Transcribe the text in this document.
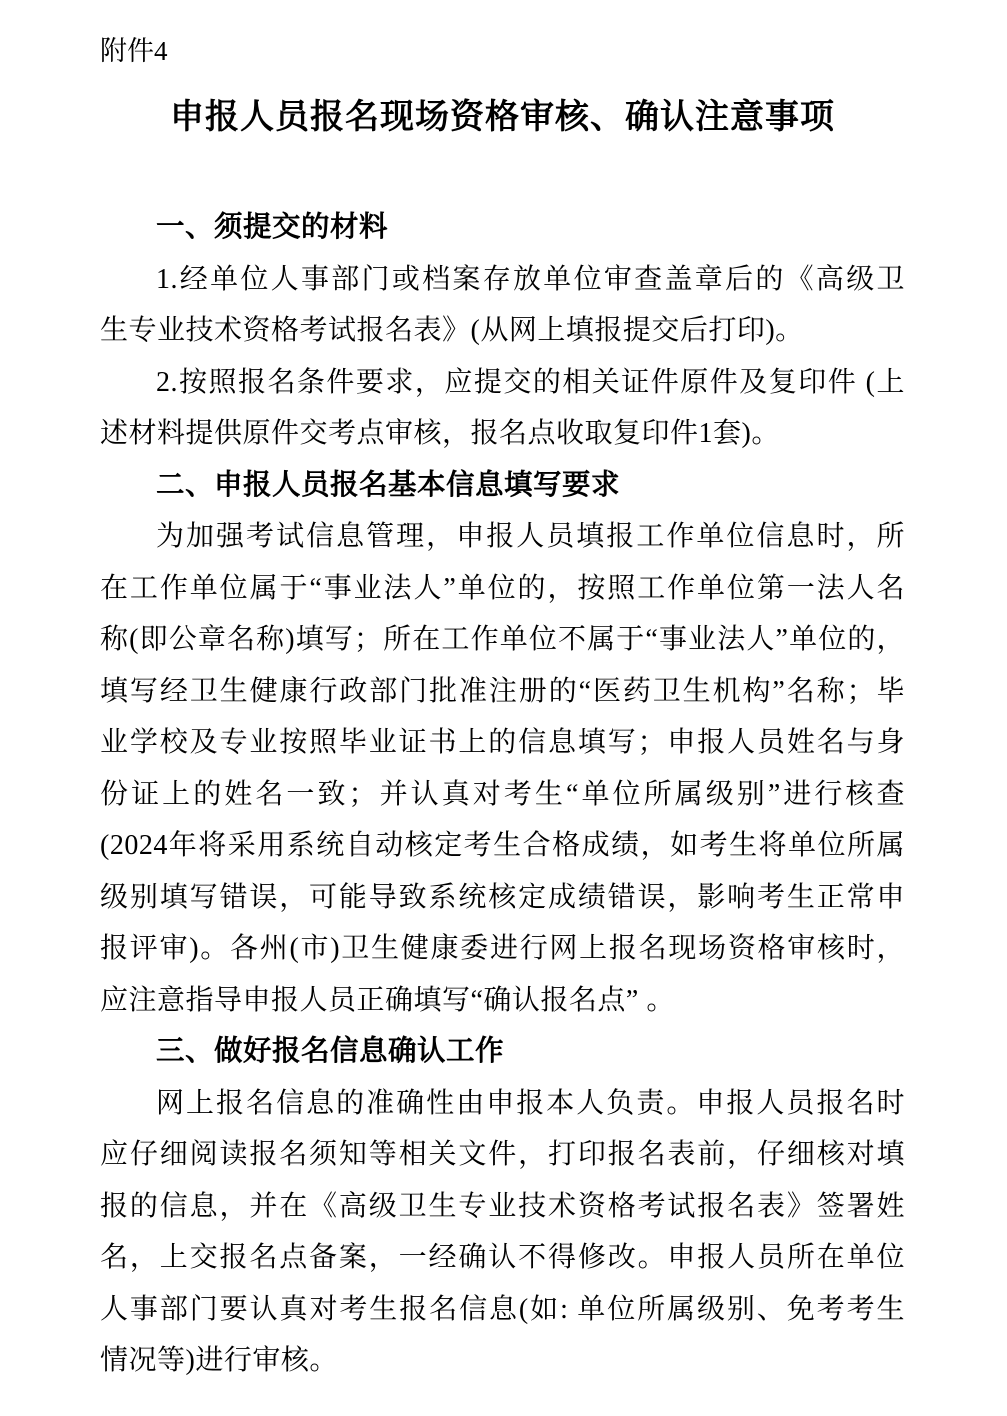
附件4
申报人员报名现场资格审核、确认注意事项
一、须提交的材料
1.经单位人事部门或档案存放单位审查盖章后的《高级卫
生专业技术资格考试报名表》(从网上填报提交后打印)。
2.按照报名条件要求，应提交的相关证件原件及复印件 (上
述材料提供原件交考点审核，报名点收取复印件1套)。
二、申报人员报名基本信息填写要求
为加强考试信息管理，申报人员填报工作单位信息时，所
在工作单位属于“事业法人”单位的，按照工作单位第一法人名
称(即公章名称)填写；所在工作单位不属于“事业法人”单位的，
填写经卫生健康行政部门批准注册的“医药卫生机构”名称；毕
业学校及专业按照毕业证书上的信息填写；申报人员姓名与身
份证上的姓名一致；并认真对考生“单位所属级别”进行核查
(2024年将采用系统自动核定考生合格成绩，如考生将单位所属
级别填写错误，可能导致系统核定成绩错误，影响考生正常申
报评审)。各州(市)卫生健康委进行网上报名现场资格审核时，
应注意指导申报人员正确填写“确认报名点” 。
三、做好报名信息确认工作
网上报名信息的准确性由申报本人负责。申报人员报名时
应仔细阅读报名须知等相关文件，打印报名表前，仔细核对填
报的信息，并在《高级卫生专业技术资格考试报名表》签署姓
名，上交报名点备案，一经确认不得修改。申报人员所在单位
人事部门要认真对考生报名信息(如: 单位所属级别、免考考生
情况等)进行审核。
